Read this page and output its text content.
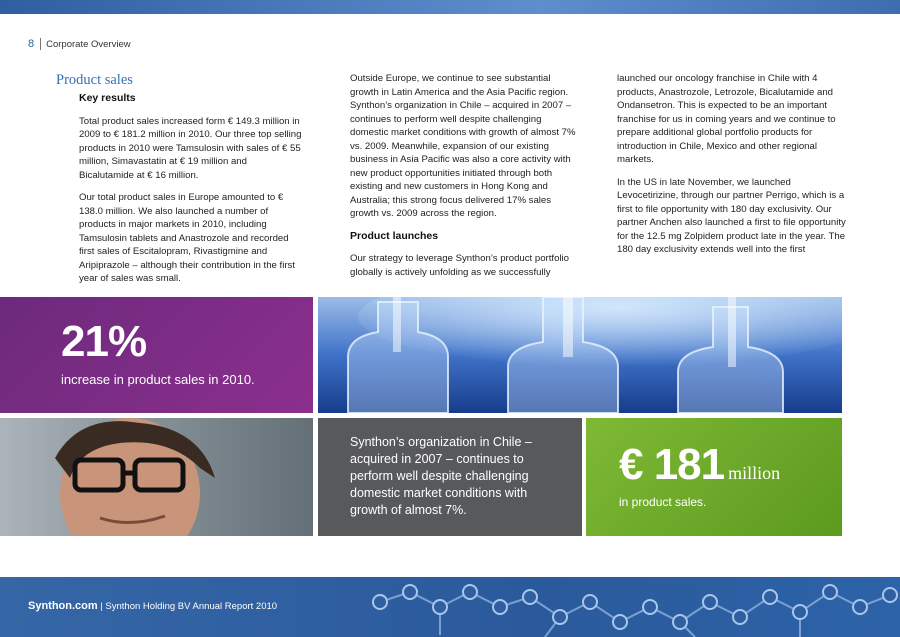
8 Corporate Overview
Product sales

Key results

Total product sales increased form € 149.3 million in 2009 to € 181.2 million in 2010. Our three top selling products in 2010 were Tamsulosin with sales of € 55 million, Simavastatin at € 19 million and Bicalutamide at € 16 million.

Our total product sales in Europe amounted to € 138.0 million. We also launched a number of products in major markets in 2010, including Tamsulosin tablets and Anastrozole and recorded first sales of Escitalopram, Rivastigmine and Aripiprazole – although their contribution in the first year of sales was small.

Outside Europe, we continue to see substantial growth in Latin America and the Asia Pacific region. Synthon’s organization in Chile – acquired in 2007 – continues to perform well despite challenging domestic market conditions with growth of almost 7% vs. 2009. Meanwhile, expansion of our existing business in Asia Pacific was also a core activity with new product opportunities initiated through both existing and new customers in Hong Kong and Australia; this strong focus delivered 17% sales growth vs. 2009 across the region.

Product launches

Our strategy to leverage Synthon’s product portfolio globally is actively unfolding as we successfully

launched our oncology franchise in Chile with 4 products, Anastrozole, Letrozole, Bicalutamide and Ondansetron. This is expected to be an important franchise for us in coming years and we continue to prepare additional global portfolio products for introduction in Chile, Mexico and other regional markets.

In the US in late November, we launched Levocetirizine, through our partner Perrigo, which is a first to file opportunity with 180 day exclusivity. Our partner Anchen also launched a first to file opportunity for the 12.5 mg Zolpidem product late in the year. The 180 day exclusivity extends well into the first

21%
increase in product sales in 2010.
Synthon’s organization in Chile – acquired in 2007 – continues to perform well despite challenging domestic market conditions with growth of almost 7%.
€ 181 million
in product sales.
Synthon.com | Synthon Holding BV Annual Report 2010
